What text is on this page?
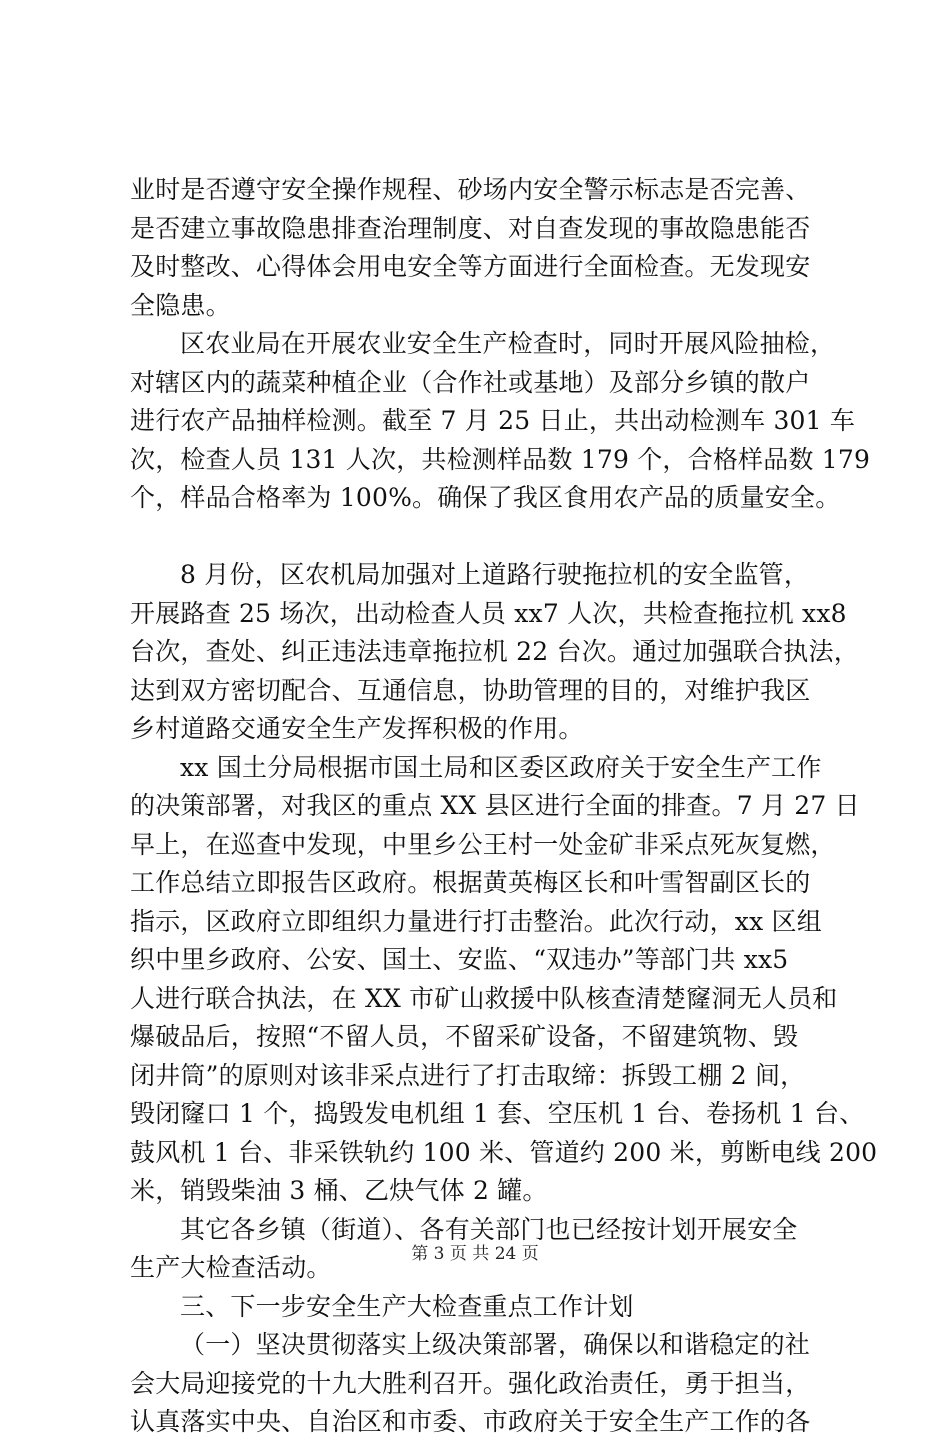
业时是否遵守安全操作规程、砂场内安全警示标志是否完善、
是否建立事故隐患排查治理制度、对自查发现的事故隐患能否
及时整改、心得体会用电安全等方面进行全面检查。无发现安
全隐患。
区农业局在开展农业安全生产检查时，同时开展风险抽检，
对辖区内的蔬菜种植企业（合作社或基地）及部分乡镇的散户
进行农产品抽样检测。截至 7 月 25 日止，共出动检测车 301 车
次，检查人员 131 人次，共检测样品数 179 个，合格样品数 179
个，样品合格率为 100%。确保了我区食用农产品的质量安全。
8 月份，区农机局加强对上道路行驶拖拉机的安全监管，
开展路查 25 场次，出动检查人员 xx7 人次，共检查拖拉机 xx8
台次，查处、纠正违法违章拖拉机 22 台次。通过加强联合执法，
达到双方密切配合、互通信息，协助管理的目的，对维护我区
乡村道路交通安全生产发挥积极的作用。
xx 国土分局根据市国土局和区委区政府关于安全生产工作
的决策部署，对我区的重点 XX 县区进行全面的排查。7 月 27 日
早上，在巡查中发现，中里乡公王村一处金矿非采点死灰复燃，
工作总结立即报告区政府。根据黄英梅区长和叶雪智副区长的
指示，区政府立即组织力量进行打击整治。此次行动，xx 区组
织中里乡政府、公安、国土、安监、“双违办”等部门共 xx5
人进行联合执法，在 XX 市矿山救援中队核查清楚窿洞无人员和
爆破品后，按照“不留人员，不留采矿设备，不留建筑物、毁
闭井筒”的原则对该非采点进行了打击取缔：拆毁工棚 2 间，
毁闭窿口 1 个，捣毁发电机组 1 套、空压机 1 台、卷扬机 1 台、
鼓风机 1 台、非采铁轨约 100 米、管道约 200 米，剪断电线 200
米，销毁柴油 3 桶、乙炔气体 2 罐。
其它各乡镇（街道）、各有关部门也已经按计划开展安全
生产大检查活动。
三、下一步安全生产大检查重点工作计划
（一）坚决贯彻落实上级决策部署，确保以和谐稳定的社
会大局迎接党的十九大胜利召开。强化政治责任，勇于担当，
认真落实中央、自治区和市委、市政府关于安全生产工作的各
第 3 页 共 24 页
